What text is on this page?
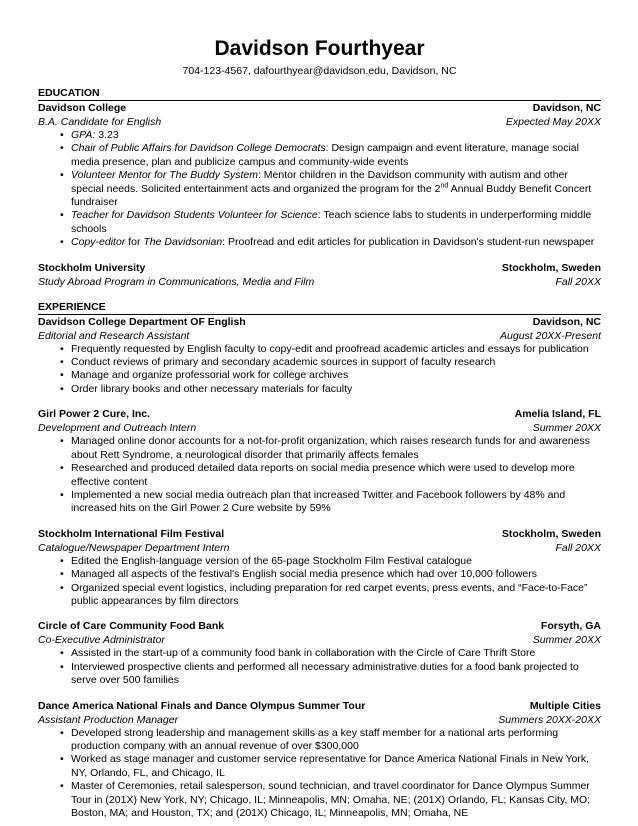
Davidson Fourthyear
704-123-4567, dafourthyear@davidson.edu, Davidson, NC
EDUCATION
Davidson College	Davidson, NC
B.A. Candidate for English	Expected May 20XX
• GPA: 3.23
• Chair of Public Affairs for Davidson College Democrats: Design campaign and event literature, manage social media presence, plan and publicize campus and community-wide events
• Volunteer Mentor for The Buddy System: Mentor children in the Davidson community with autism and other special needs. Solicited entertainment acts and organized the program for the 2nd Annual Buddy Benefit Concert fundraiser
• Teacher for Davidson Students Volunteer for Science: Teach science labs to students in underperforming middle schools
• Copy-editor for The Davidsonian: Proofread and edit articles for publication in Davidson's student-run newspaper
Stockholm University	Stockholm, Sweden
Study Abroad Program in Communications, Media and Film	Fall 20XX
EXPERIENCE
Davidson College Department OF English	Davidson, NC
Editorial and Research Assistant	August 20XX-Present
• Frequently requested by English faculty to copy-edit and proofread academic articles and essays for publication
• Conduct reviews of primary and secondary academic sources in support of faculty research
• Manage and organize professorial work for college archives
• Order library books and other necessary materials for faculty
Girl Power 2 Cure, Inc.	Amelia Island, FL
Development and Outreach Intern	Summer 20XX
• Managed online donor accounts for a not-for-profit organization, which raises research funds for and awareness about Rett Syndrome, a neurological disorder that primarily affects females
• Researched and produced detailed data reports on social media presence which were used to develop more effective content
• Implemented a new social media outreach plan that increased Twitter and Facebook followers by 48% and increased hits on the Girl Power 2 Cure website by 59%
Stockholm International Film Festival	Stockholm, Sweden
Catalogue/Newspaper Department Intern	Fall 20XX
• Edited the English-language version of the 65-page Stockholm Film Festival catalogue
• Managed all aspects of the festival's English social media presence which had over 10,000 followers
• Organized special event logistics, including preparation for red carpet events, press events, and “Face-to-Face” public appearances by film directors
Circle of Care Community Food Bank	Forsyth, GA
Co-Executive Administrator	Summer 20XX
• Assisted in the start-up of a community food bank in collaboration with the Circle of Care Thrift Store
• Interviewed prospective clients and performed all necessary administrative duties for a food bank projected to serve over 500 families
Dance America National Finals and Dance Olympus Summer Tour	Multiple Cities
Assistant Production Manager	Summers 20XX-20XX
• Developed strong leadership and management skills as a key staff member for a national arts performing production company with an annual revenue of over $300,000
• Worked as stage manager and customer service representative for Dance America National Finals in New York, NY, Orlando, FL, and Chicago, IL
• Master of Ceremonies, retail salesperson, sound technician, and travel coordinator for Dance Olympus Summer Tour in (201X) New York, NY; Chicago, IL; Minneapolis, MN; Omaha, NE; (201X) Orlando, FL; Kansas City, MO; Boston, MA; and Houston, TX; and (201X) Chicago, IL; Minneapolis, MN; Omaha, NE
